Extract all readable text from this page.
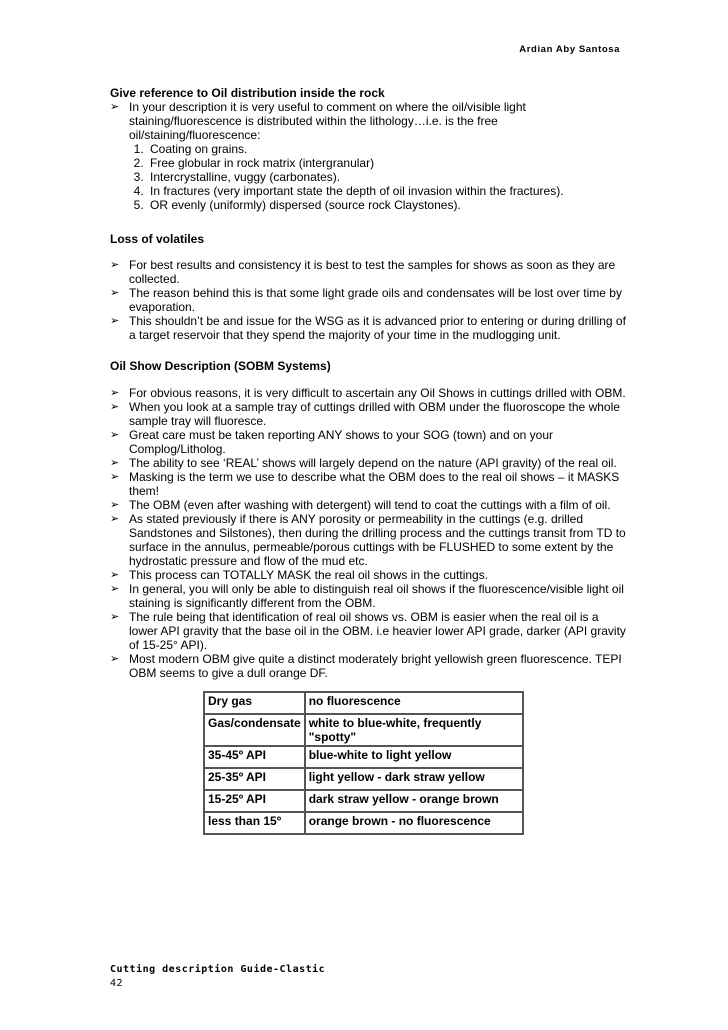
Ardian Aby Santosa

Give reference to Oil distribution inside the rock

➢ In your description it is very useful to comment on where the oil/visible light staining/fluorescence is distributed within the lithology…i.e. is the free oil/staining/fluorescence:
1. Coating on grains.
2. Free globular in rock matrix (intergranular)
3. Intercrystalline, vuggy (carbonates).
4. In fractures (very important state the depth of oil invasion within the fractures).
5. OR evenly (uniformly) dispersed (source rock Claystones).

Loss of volatiles

➢ For best results and consistency it is best to test the samples for shows as soon as they are collected.
➢ The reason behind this is that some light grade oils and condensates will be lost over time by evaporation.
➢ This shouldn’t be and issue for the WSG as it is advanced prior to entering or during drilling of a target reservoir that they spend the majority of your time in the mudlogging unit.

Oil Show Description (SOBM Systems)

➢ For obvious reasons, it is very difficult to ascertain any Oil Shows in cuttings drilled with OBM.
➢ When you look at a sample tray of cuttings drilled with OBM under the fluoroscope the whole sample tray will fluoresce.
➢ Great care must be taken reporting ANY shows to your SOG (town) and on your Complog/Litholog.
➢ The ability to see ‘REAL’ shows will largely depend on the nature (API gravity) of the real oil.
➢ Masking is the term we use to describe what the OBM does to the real oil shows – it MASKS them!
➢ The OBM (even after washing with detergent) will tend to coat the cuttings with a film of oil.
➢ As stated previously if there is ANY porosity or permeability in the cuttings (e.g. drilled Sandstones and Silstones), then during the drilling process and the cuttings transit from TD to surface in the annulus, permeable/porous cuttings with be FLUSHED to some extent by the hydrostatic pressure and flow of the mud etc.
➢ This process can TOTALLY MASK the real oil shows in the cuttings.
➢ In general, you will only be able to distinguish real oil shows if the fluorescence/visible light oil staining is significantly different from the OBM.
➢ The rule being that identification of real oil shows vs. OBM is easier when the real oil is a lower API gravity that the base oil in the OBM. i.e heavier lower API grade, darker (API gravity of 15-25° API).
➢ Most modern OBM give quite a distinct moderately bright yellowish green fluorescence. TEPI OBM seems to give a dull orange DF.
Dry gas	no fluorescence
Gas/condensate	white to blue-white, frequently "spotty"
35-45º API	blue-white to light yellow
25-35º API	light yellow - dark straw yellow
15-25º API	dark straw yellow - orange brown
less than 15º	orange brown - no fluorescence
Cutting description Guide-Clastic
42
